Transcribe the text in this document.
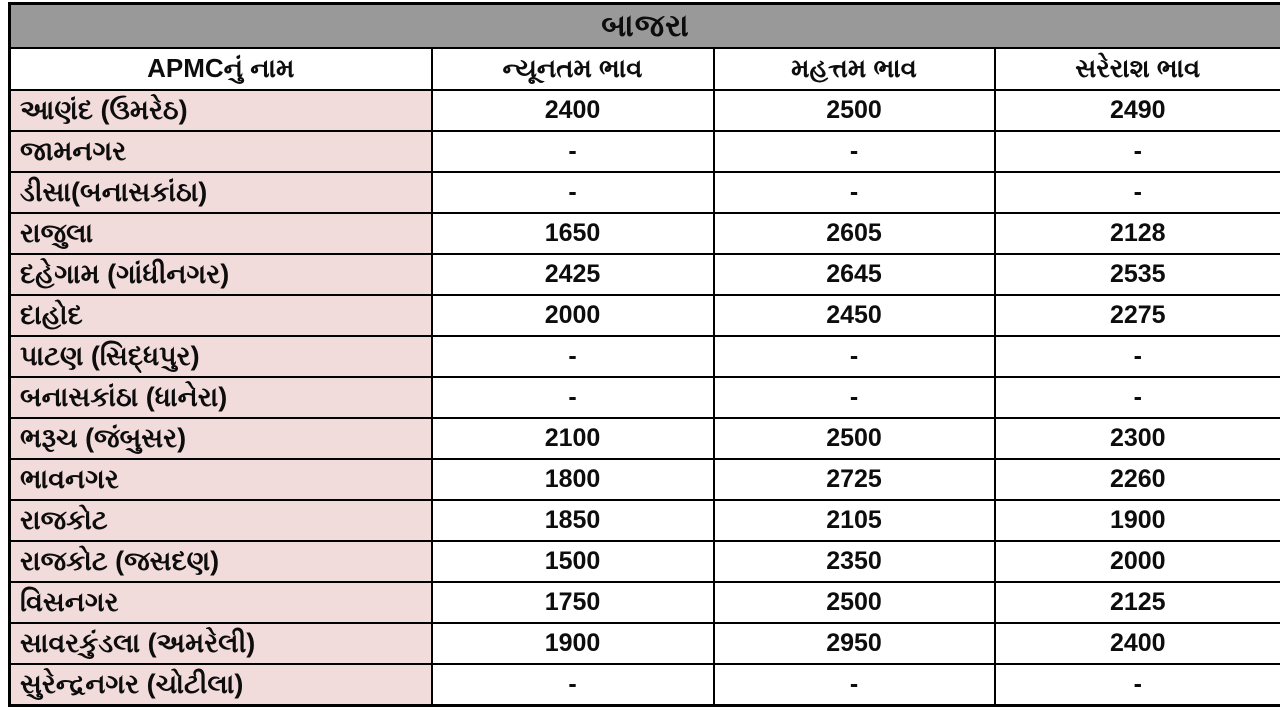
બાજરા			
APMCનું નામ	ન્યૂનતમ ભાવ	મહત્તમ ભાવ	સરેરાશ ભાવ
આણંદ (ઉમરેઠ)	2400	2500	2490
જામનગર	-	-	-
ડીસા(બનાસકાંઠા)	-	-	-
રાજુલા	1650	2605	2128
દહેગામ (ગાંધીનગર)	2425	2645	2535
દાહોદ	2000	2450	2275
પાટણ (સિદ્ધપુર)	-	-	-
બનાસકાંઠા (ધાનેરા)	-	-	-
ભરૂચ (જંબુસર)	2100	2500	2300
ભાવનગર	1800	2725	2260
રાજકોટ	1850	2105	1900
રાજકોટ (જસદણ)	1500	2350	2000
વિસનગર	1750	2500	2125
સાવરકુંડલા (અમરેલી)	1900	2950	2400
સુરેન્દ્રનગર (ચોટીલા)	-	-	-
